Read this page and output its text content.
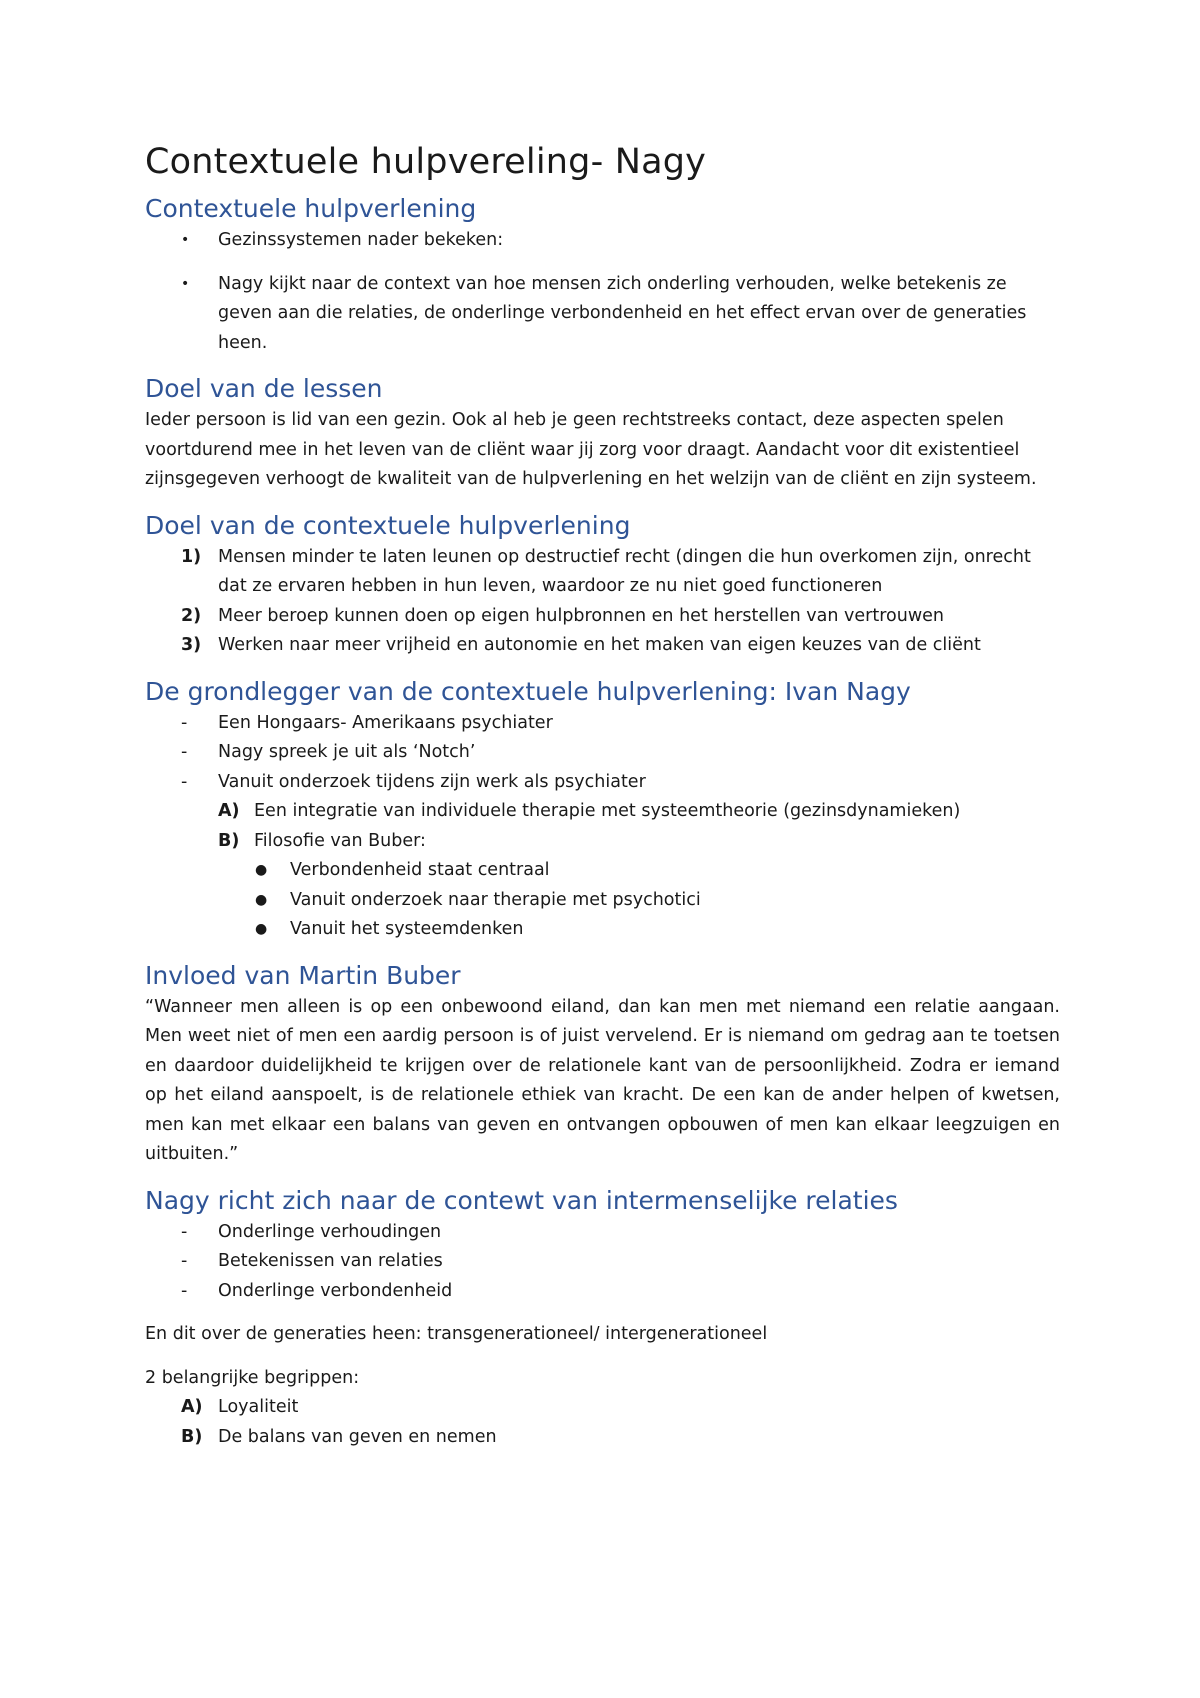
Contextuele hulpvereling- Nagy
Contextuele hulpverlening
• Gezinssystemen nader bekeken:
• Nagy kijkt naar de context van hoe mensen zich onderling verhouden, welke betekenis ze geven aan die relaties, de onderlinge verbondenheid en het effect ervan over de generaties heen.
Doel van de lessen

Ieder persoon is lid van een gezin. Ook al heb je geen rechtstreeks contact, deze aspecten spelen voortdurend mee in het leven van de cliënt waar jij zorg voor draagt. Aandacht voor dit existentieel zijnsgegeven verhoogt de kwaliteit van de hulpverlening en het welzijn van de cliënt en zijn systeem.

Doel van de contextuele hulpverlening
1) Mensen minder te laten leunen op destructief recht (dingen die hun overkomen zijn, onrecht dat ze ervaren hebben in hun leven, waardoor ze nu niet goed functioneren
2) Meer beroep kunnen doen op eigen hulpbronnen en het herstellen van vertrouwen
3) Werken naar meer vrijheid en autonomie en het maken van eigen keuzes van de cliënt
De grondlegger van de contextuele hulpverlening: Ivan Nagy
- Een Hongaars- Amerikaans psychiater
- Nagy spreek je uit als ‘Notch’
- Vanuit onderzoek tijdens zijn werk als psychiater
A) Een integratie van individuele therapie met systeemtheorie (gezinsdynamieken)
B) Filosofie van Buber:
● Verbondenheid staat centraal
● Vanuit onderzoek naar therapie met psychotici
● Vanuit het systeemdenken
Invloed van Martin Buber

“Wanneer men alleen is op een onbewoond eiland, dan kan men met niemand een relatie aangaan. Men weet niet of men een aardig persoon is of juist vervelend. Er is niemand om gedrag aan te toetsen en daardoor duidelijkheid te krijgen over de relationele kant van de persoonlijkheid. Zodra er iemand op het eiland aanspoelt, is de relationele ethiek van kracht. De een kan de ander helpen of kwetsen, men kan met elkaar een balans van geven en ontvangen opbouwen of men kan elkaar leegzuigen en uitbuiten.”

Nagy richt zich naar de contewt van intermenselijke relaties
- Onderlinge verhoudingen
- Betekenissen van relaties
- Onderlinge verbondenheid

En dit over de generaties heen: transgenerationeel/ intergenerationeel

2 belangrijke begrippen:

A) Loyaliteit
B) De balans van geven en nemen
